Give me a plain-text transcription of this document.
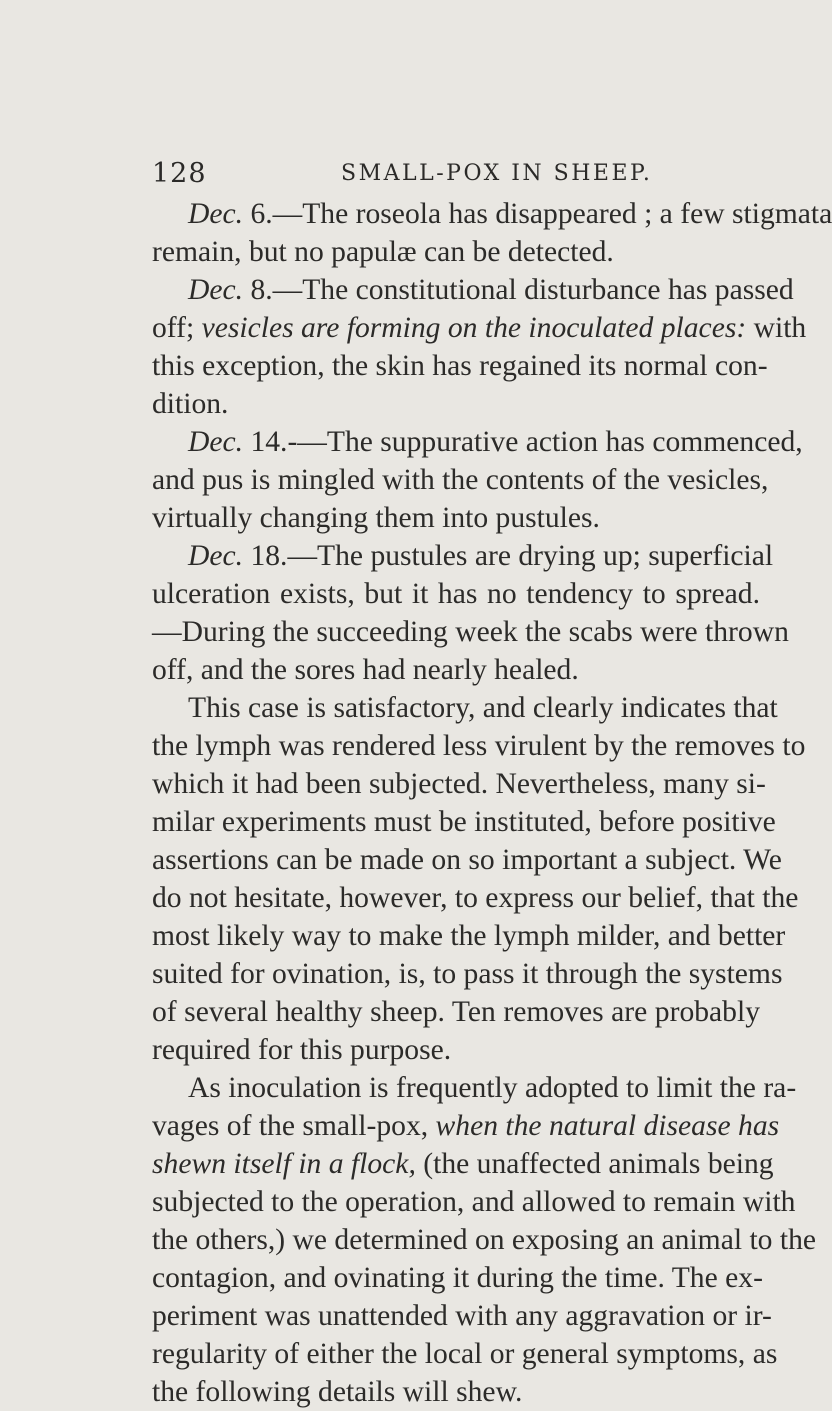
128	SMALL-POX IN SHEEP.
Dec. 6.—The roseola has disappeared ; a few stigmata
remain, but no papulæ can be detected.
Dec. 8.—The constitutional disturbance has passed
off; vesicles are forming on the inoculated places: with
this exception, the skin has regained its normal con-
dition.
Dec. 14.-—The suppurative action has commenced,
and pus is mingled with the contents of the vesicles,
virtually changing them into pustules.
Dec. 18.—The pustules are drying up; superficial
ulceration exists, but it has no tendency to spread.
—During the succeeding week the scabs were thrown
off, and the sores had nearly healed.
This case is satisfactory, and clearly indicates that
the lymph was rendered less virulent by the removes to
which it had been subjected. Nevertheless, many si-
milar experiments must be instituted, before positive
assertions can be made on so important a subject. We
do not hesitate, however, to express our belief, that the
most likely way to make the lymph milder, and better
suited for ovination, is, to pass it through the systems
of several healthy sheep. Ten removes are probably
required for this purpose.
As inoculation is frequently adopted to limit the ra-
vages of the small-pox, when the natural disease has
shewn itself in a flock, (the unaffected animals being
subjected to the operation, and allowed to remain with
the others,) we determined on exposing an animal to the
contagion, and ovinating it during the time. The ex-
periment was unattended with any aggravation or ir-
regularity of either the local or general symptoms, as
the following details will shew.
